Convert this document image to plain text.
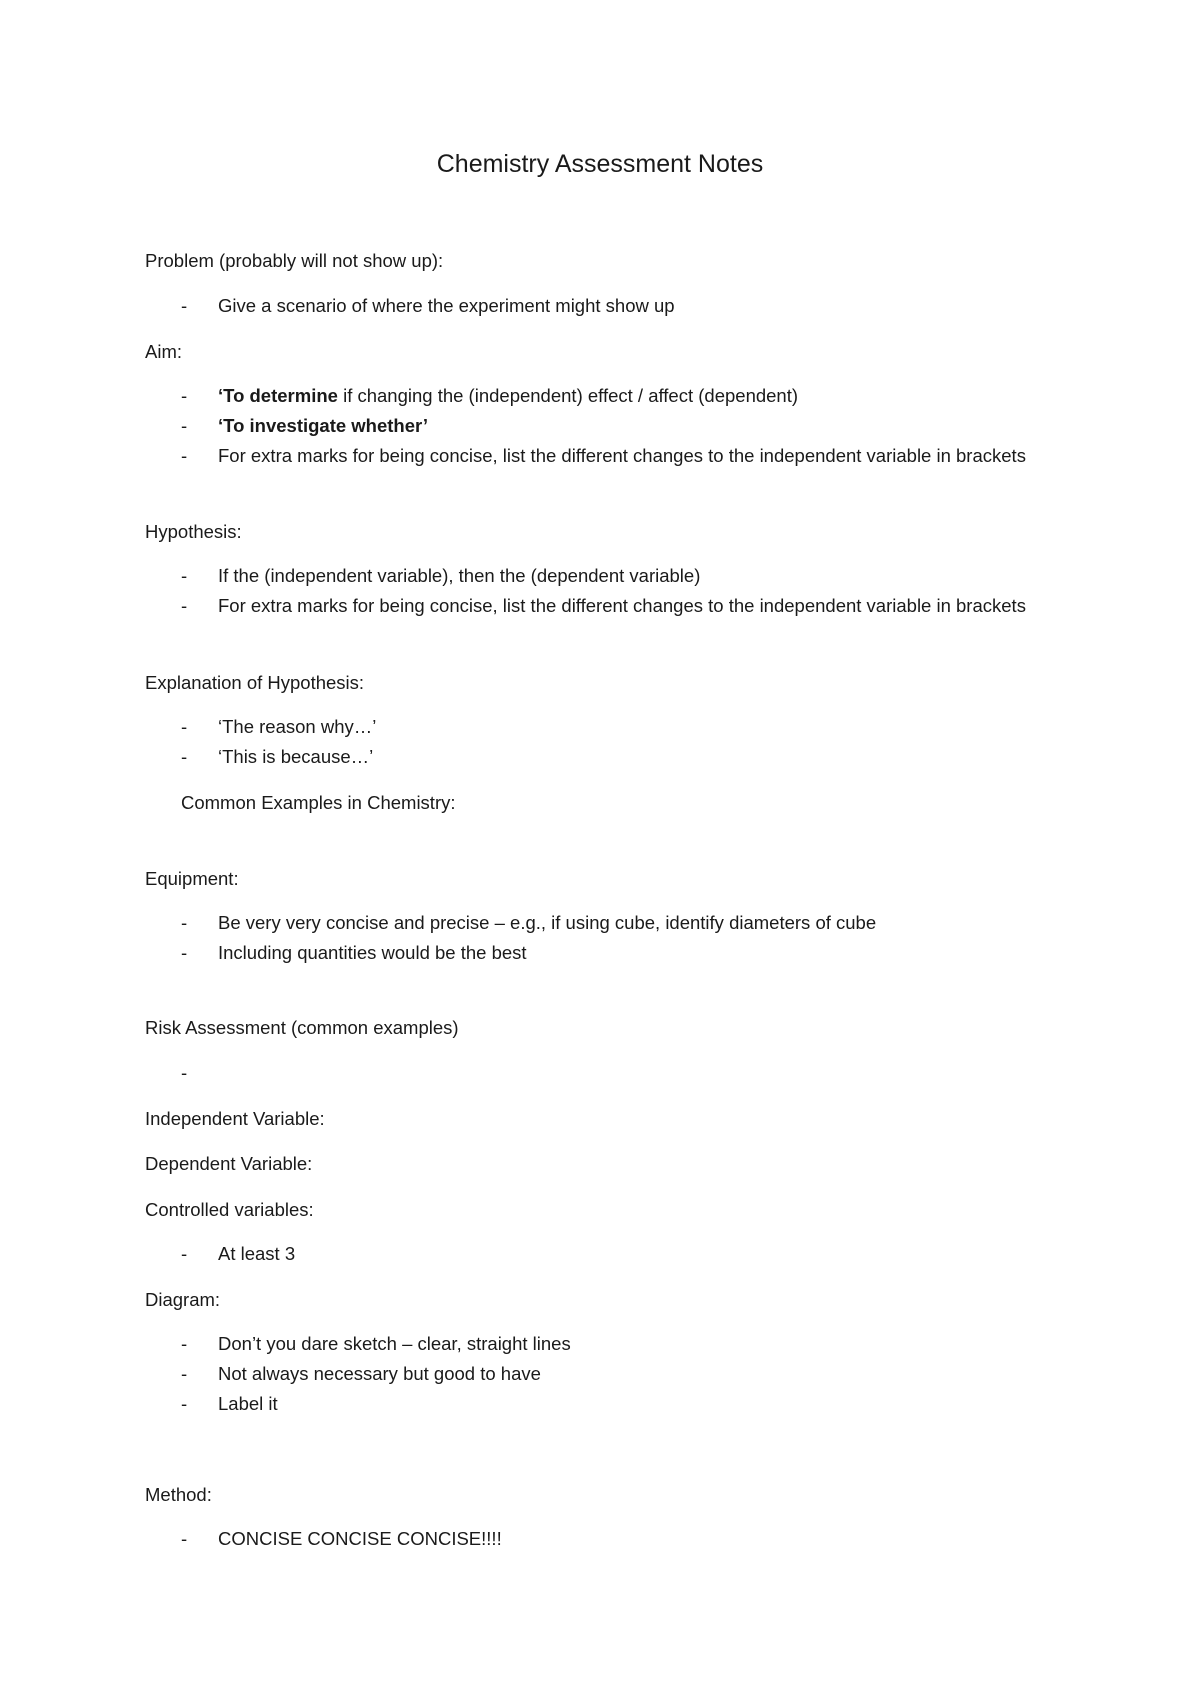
Chemistry Assessment Notes
Problem (probably will not show up):
-	Give a scenario of where the experiment might show up
Aim:
-	‘To determine if changing the (independent) effect / affect (dependent)
-	‘To investigate whether’
-	For extra marks for being concise, list the different changes to the independent variable in brackets
Hypothesis:
-	If the (independent variable), then the (dependent variable)
-	For extra marks for being concise, list the different changes to the independent variable in brackets
Explanation of Hypothesis:
-	‘The reason why…’
-	‘This is because…’
Common Examples in Chemistry:
Equipment:
-	Be very very concise and precise – e.g., if using cube, identify diameters of cube
-	Including quantities would be the best
Risk Assessment (common examples)
-
Independent Variable:
Dependent Variable:
Controlled variables:
-	At least 3
Diagram:
-	Don’t you dare sketch – clear, straight lines
-	Not always necessary but good to have
-	Label it
Method:
-	CONCISE CONCISE CONCISE!!!!
